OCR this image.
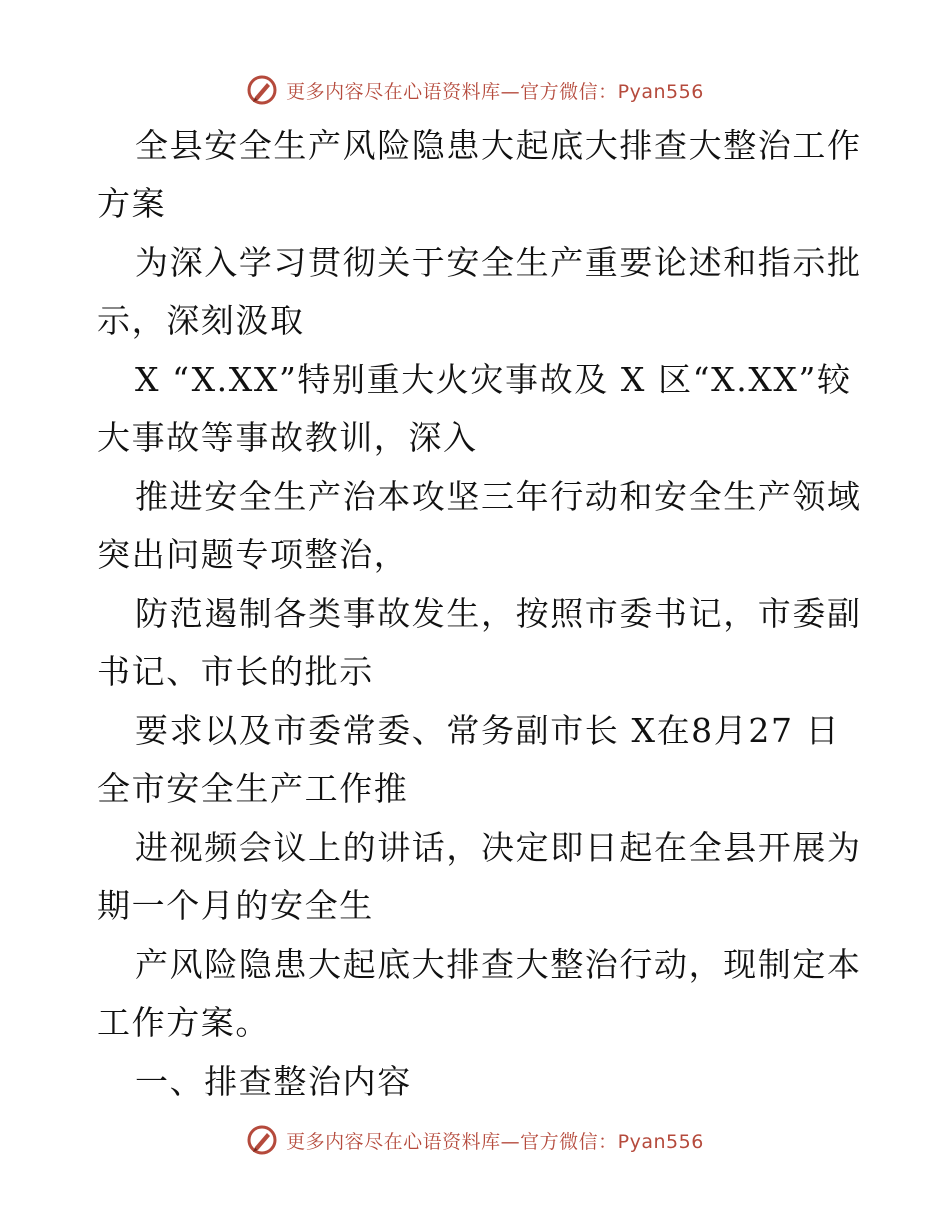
更多内容尽在心语资料库—官方微信：Pyan556
全县安全生产风险隐患大起底大排查大整治工作
方案
为深入学习贯彻关于安全生产重要论述和指示批
示，深刻汲取
X “X.XX”特别重大火灾事故及 X 区“X.XX”较
大事故等事故教训，深入
推进安全生产治本攻坚三年行动和安全生产领域
突出问题专项整治，
防范遏制各类事故发生，按照市委书记，市委副
书记、市长的批示
要求以及市委常委、常务副市长 X在8月27 日
全市安全生产工作推
进视频会议上的讲话，决定即日起在全县开展为
期一个月的安全生
产风险隐患大起底大排查大整治行动，现制定本
工作方案。
一、排查整治内容
更多内容尽在心语资料库—官方微信：Pyan556
